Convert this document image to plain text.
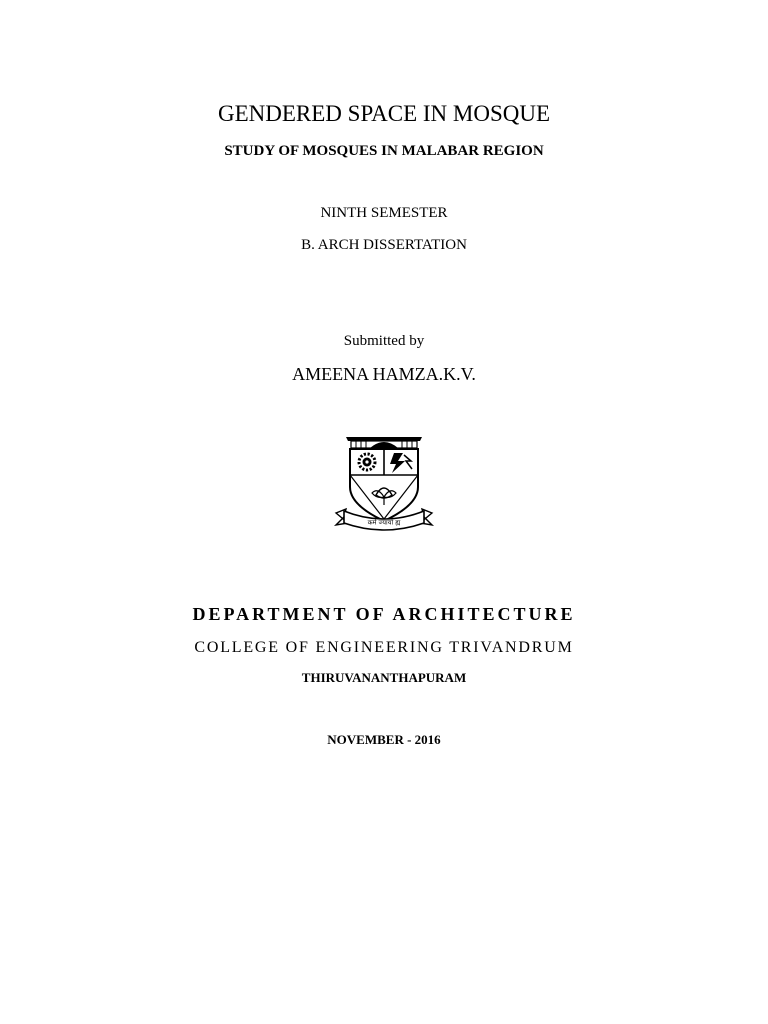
GENDERED SPACE IN MOSQUE
STUDY OF MOSQUES IN MALABAR REGION
NINTH SEMESTER
B. ARCH DISSERTATION
Submitted by
AMEENA HAMZA.K.V.
कर्म ज्यायो ह्य
DEPARTMENT OF ARCHITECTURE
COLLEGE OF ENGINEERING TRIVANDRUM
THIRUVANANTHAPURAM
NOVEMBER - 2016
